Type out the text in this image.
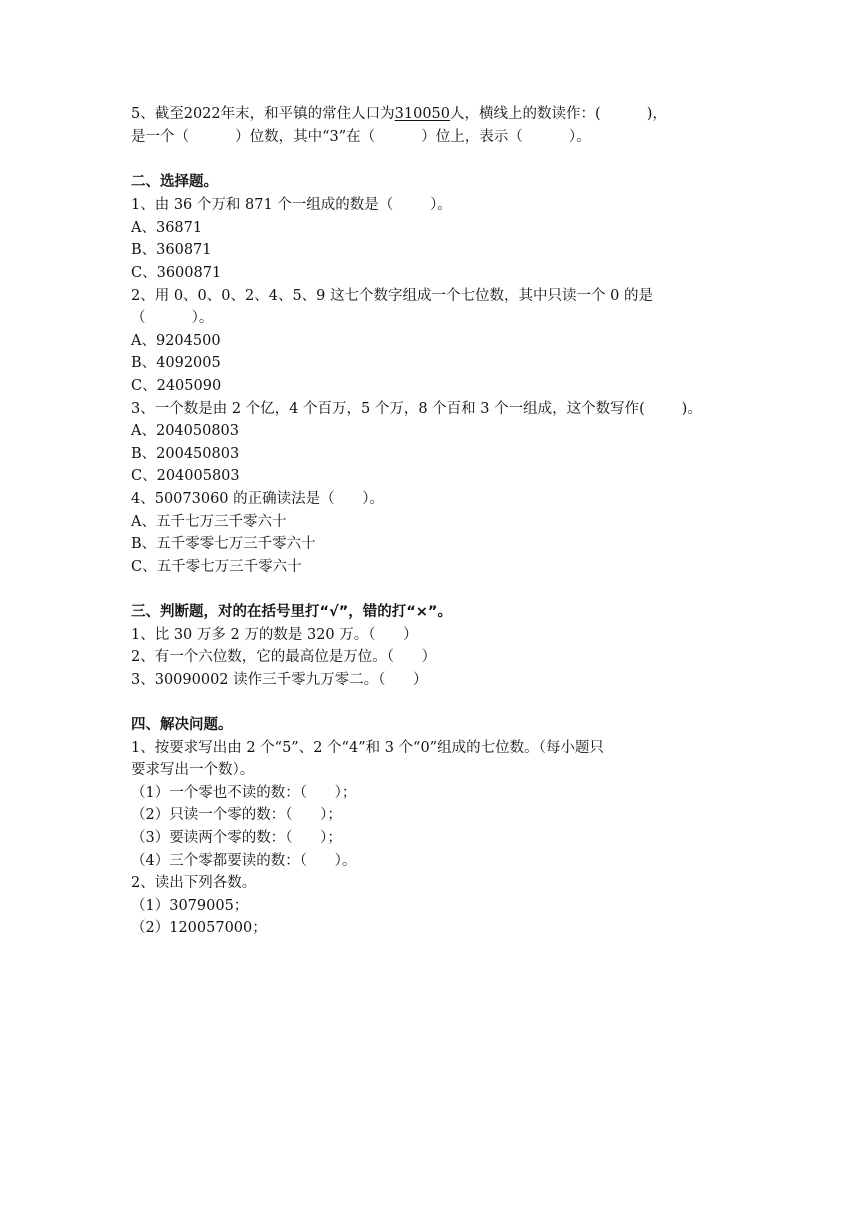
5、截至2022年末，和平镇的常住人口为310050人，横线上的数读作：(          )，
是一个（          ）位数，其中“3”在（          ）位上，表示（          ）。
二、选择题。
1、由 36 个万和 871 个一组成的数是（        ）。
A、36871
B、360871
C、3600871
2、用 0、0、0、2、4、5、9 这七个数字组成一个七位数，其中只读一个 0 的是
（          ）。
A、9204500
B、4092005
C、2405090
3、一个数是由 2 个亿，4 个百万，5 个万，8 个百和 3 个一组成，这个数写作(        )。
A、204050803
B、200450803
C、204005803
4、50073060 的正确读法是（      ）。
A、五千七万三千零六十
B、五千零零七万三千零六十
C、五千零七万三千零六十
三、判断题，对的在括号里打“√”，错的打“×”。
1、比 30 万多 2 万的数是 320 万。（      ）
2、有一个六位数，它的最高位是万位。（      ）
3、30090002 读作三千零九万零二。（      ）
四、解决问题。
1、按要求写出由 2 个“5”、2 个“4”和 3 个“0”组成的七位数。（每小题只
要求写出一个数）。
（1）一个零也不读的数：（      ）；
（2）只读一个零的数：（      ）；
（3）要读两个零的数：（      ）；
（4）三个零都要读的数：（      ）。
2、读出下列各数。
（1）3079005；
（2）120057000；
